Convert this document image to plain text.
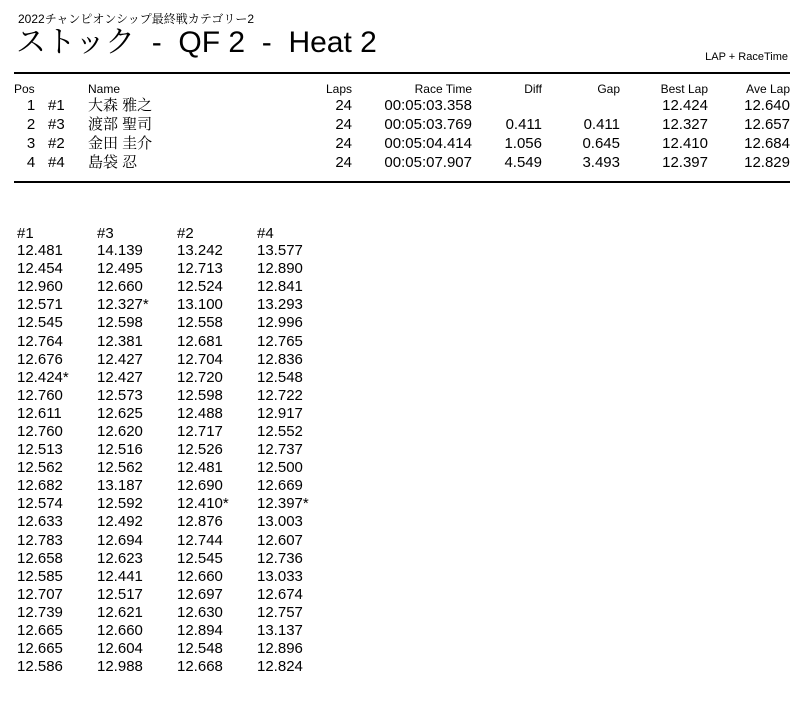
2022チャンピオンシップ最終戦カテゴリー2
ストック  -  QF 2  -  Heat 2	LAP + RaceTime
Pos		Name	Laps	Race Time	Diff	Gap	Best Lap	Ave Lap
1	#1	大森 雅之	24	00:05:03.358			12.424	12.640
2	#3	渡部 聖司	24	00:05:03.769	0.411	0.411	12.327	12.657
3	#2	金田 圭介	24	00:05:04.414	1.056	0.645	12.410	12.684
4	#4	島袋 忍	24	00:05:07.907	4.549	3.493	12.397	12.829
#1	#3	#2	#4
12.481	14.139	13.242	13.577
12.454	12.495	12.713	12.890
12.960	12.660	12.524	12.841
12.571	12.327*	13.100	13.293
12.545	12.598	12.558	12.996
12.764	12.381	12.681	12.765
12.676	12.427	12.704	12.836
12.424*	12.427	12.720	12.548
12.760	12.573	12.598	12.722
12.611	12.625	12.488	12.917
12.760	12.620	12.717	12.552
12.513	12.516	12.526	12.737
12.562	12.562	12.481	12.500
12.682	13.187	12.690	12.669
12.574	12.592	12.410*	12.397*
12.633	12.492	12.876	13.003
12.783	12.694	12.744	12.607
12.658	12.623	12.545	12.736
12.585	12.441	12.660	13.033
12.707	12.517	12.697	12.674
12.739	12.621	12.630	12.757
12.665	12.660	12.894	13.137
12.665	12.604	12.548	12.896
12.586	12.988	12.668	12.824
